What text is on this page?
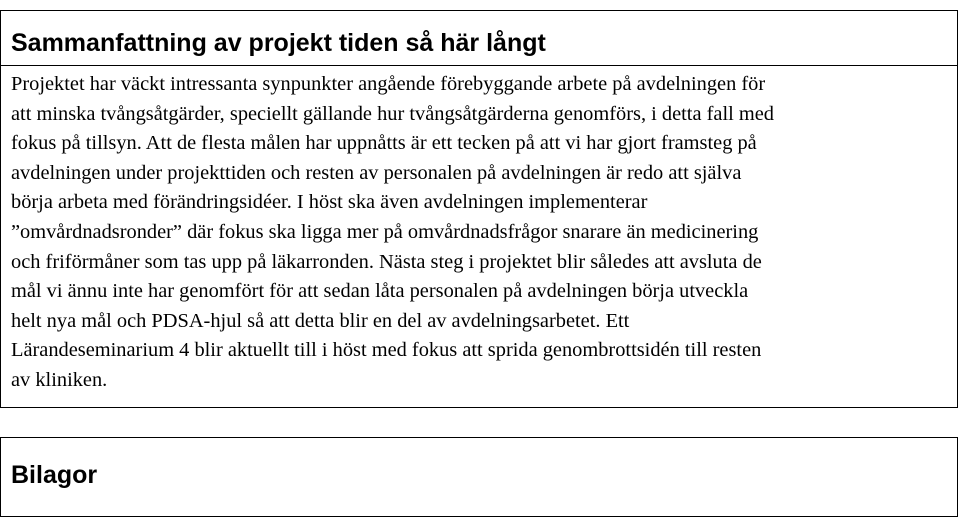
Sammanfattning av projekt tiden så här långt
Projektet har väckt intressanta synpunkter angående förebyggande arbete på avdelningen för
att minska tvångsåtgärder, speciellt gällande hur tvångsåtgärderna genomförs, i detta fall med
fokus på tillsyn. Att de flesta målen har uppnåtts är ett tecken på att vi har gjort framsteg på
avdelningen under projekttiden och resten av personalen på avdelningen är redo att själva
börja arbeta med förändringsidéer. I höst ska även avdelningen implementerar
”omvårdnadsronder” där fokus ska ligga mer på omvårdnadsfrågor snarare än medicinering
och friförmåner som tas upp på läkarronden. Nästa steg i projektet blir således att avsluta de
mål vi ännu inte har genomfört för att sedan låta personalen på avdelningen börja utveckla
helt nya mål och PDSA-hjul så att detta blir en del av avdelningsarbetet. Ett
Lärandeseminarium 4 blir aktuellt till i höst med fokus att sprida genombrottsidén till resten
av kliniken.
Bilagor
